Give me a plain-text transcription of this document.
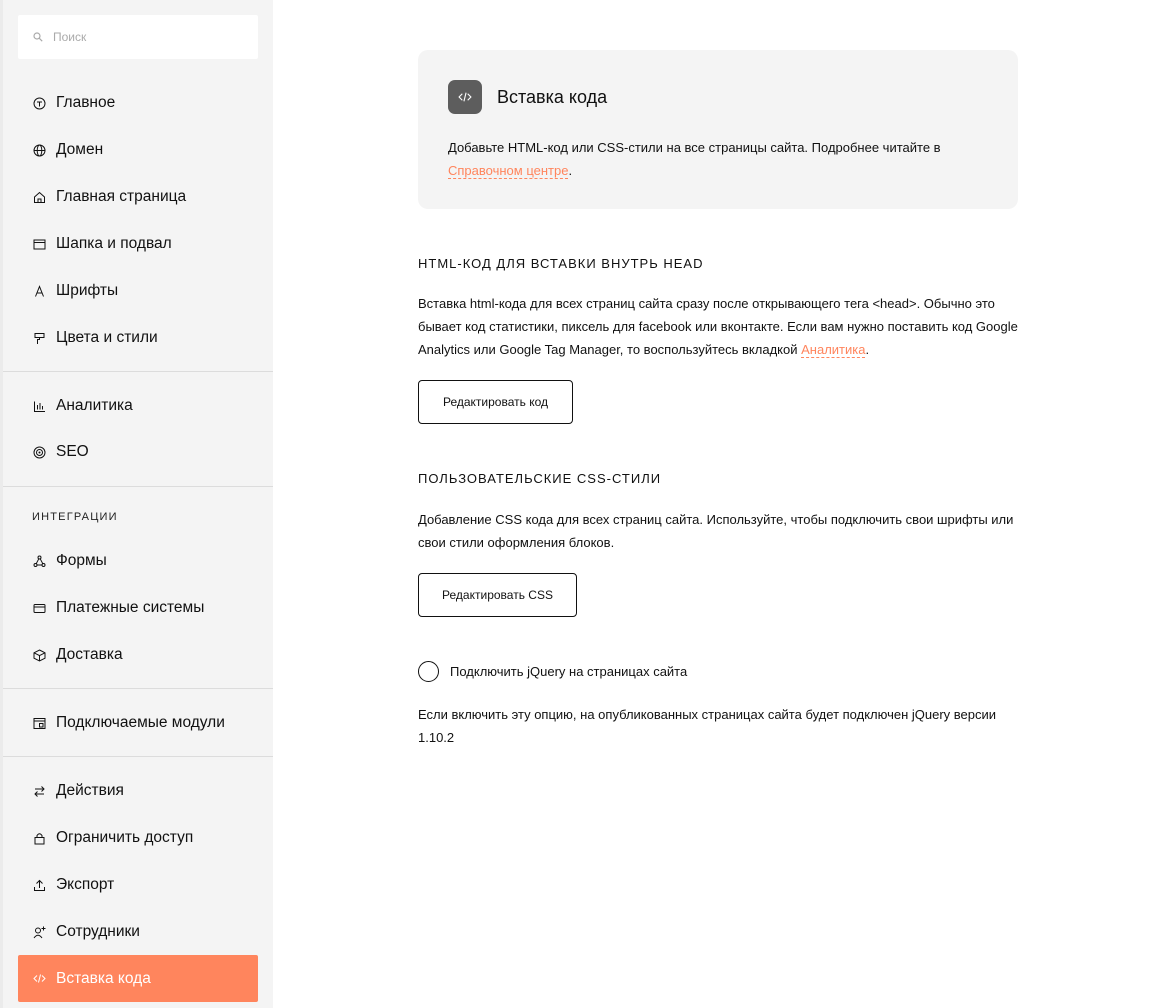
Поиск
Главное
Домен
Главная страница
Шапка и подвал
Шрифты
Цвета и стили
Аналитика
SEO
ИНТЕГРАЦИИ
Формы
Платежные системы
Доставка
Подключаемые модули
Действия
Ограничить доступ
Экспорт
Сотрудники
Вставка кода
Вставка кода
Добавьте HTML-код или CSS-стили на все страницы сайта. Подробнее читайте в
Справочном центре.
HTML-КОД ДЛЯ ВСТАВКИ ВНУТРЬ HEAD
Вставка html-кода для всех страниц сайта сразу после открывающего тега <head>. Обычно это бывает код статистики, пиксель для facebook или вконтакте. Если вам нужно поставить код Google Analytics или Google Tag Manager, то воспользуйтесь вкладкой Аналитика.
Редактировать код
ПОЛЬЗОВАТЕЛЬСКИЕ CSS-СТИЛИ
Добавление CSS кода для всех страниц сайта. Используйте, чтобы подключить свои шрифты или свои стили оформления блоков.
Редактировать CSS
Подключить jQuery на страницах сайта
Если включить эту опцию, на опубликованных страницах сайта будет подключен jQuery версии 1.10.2
